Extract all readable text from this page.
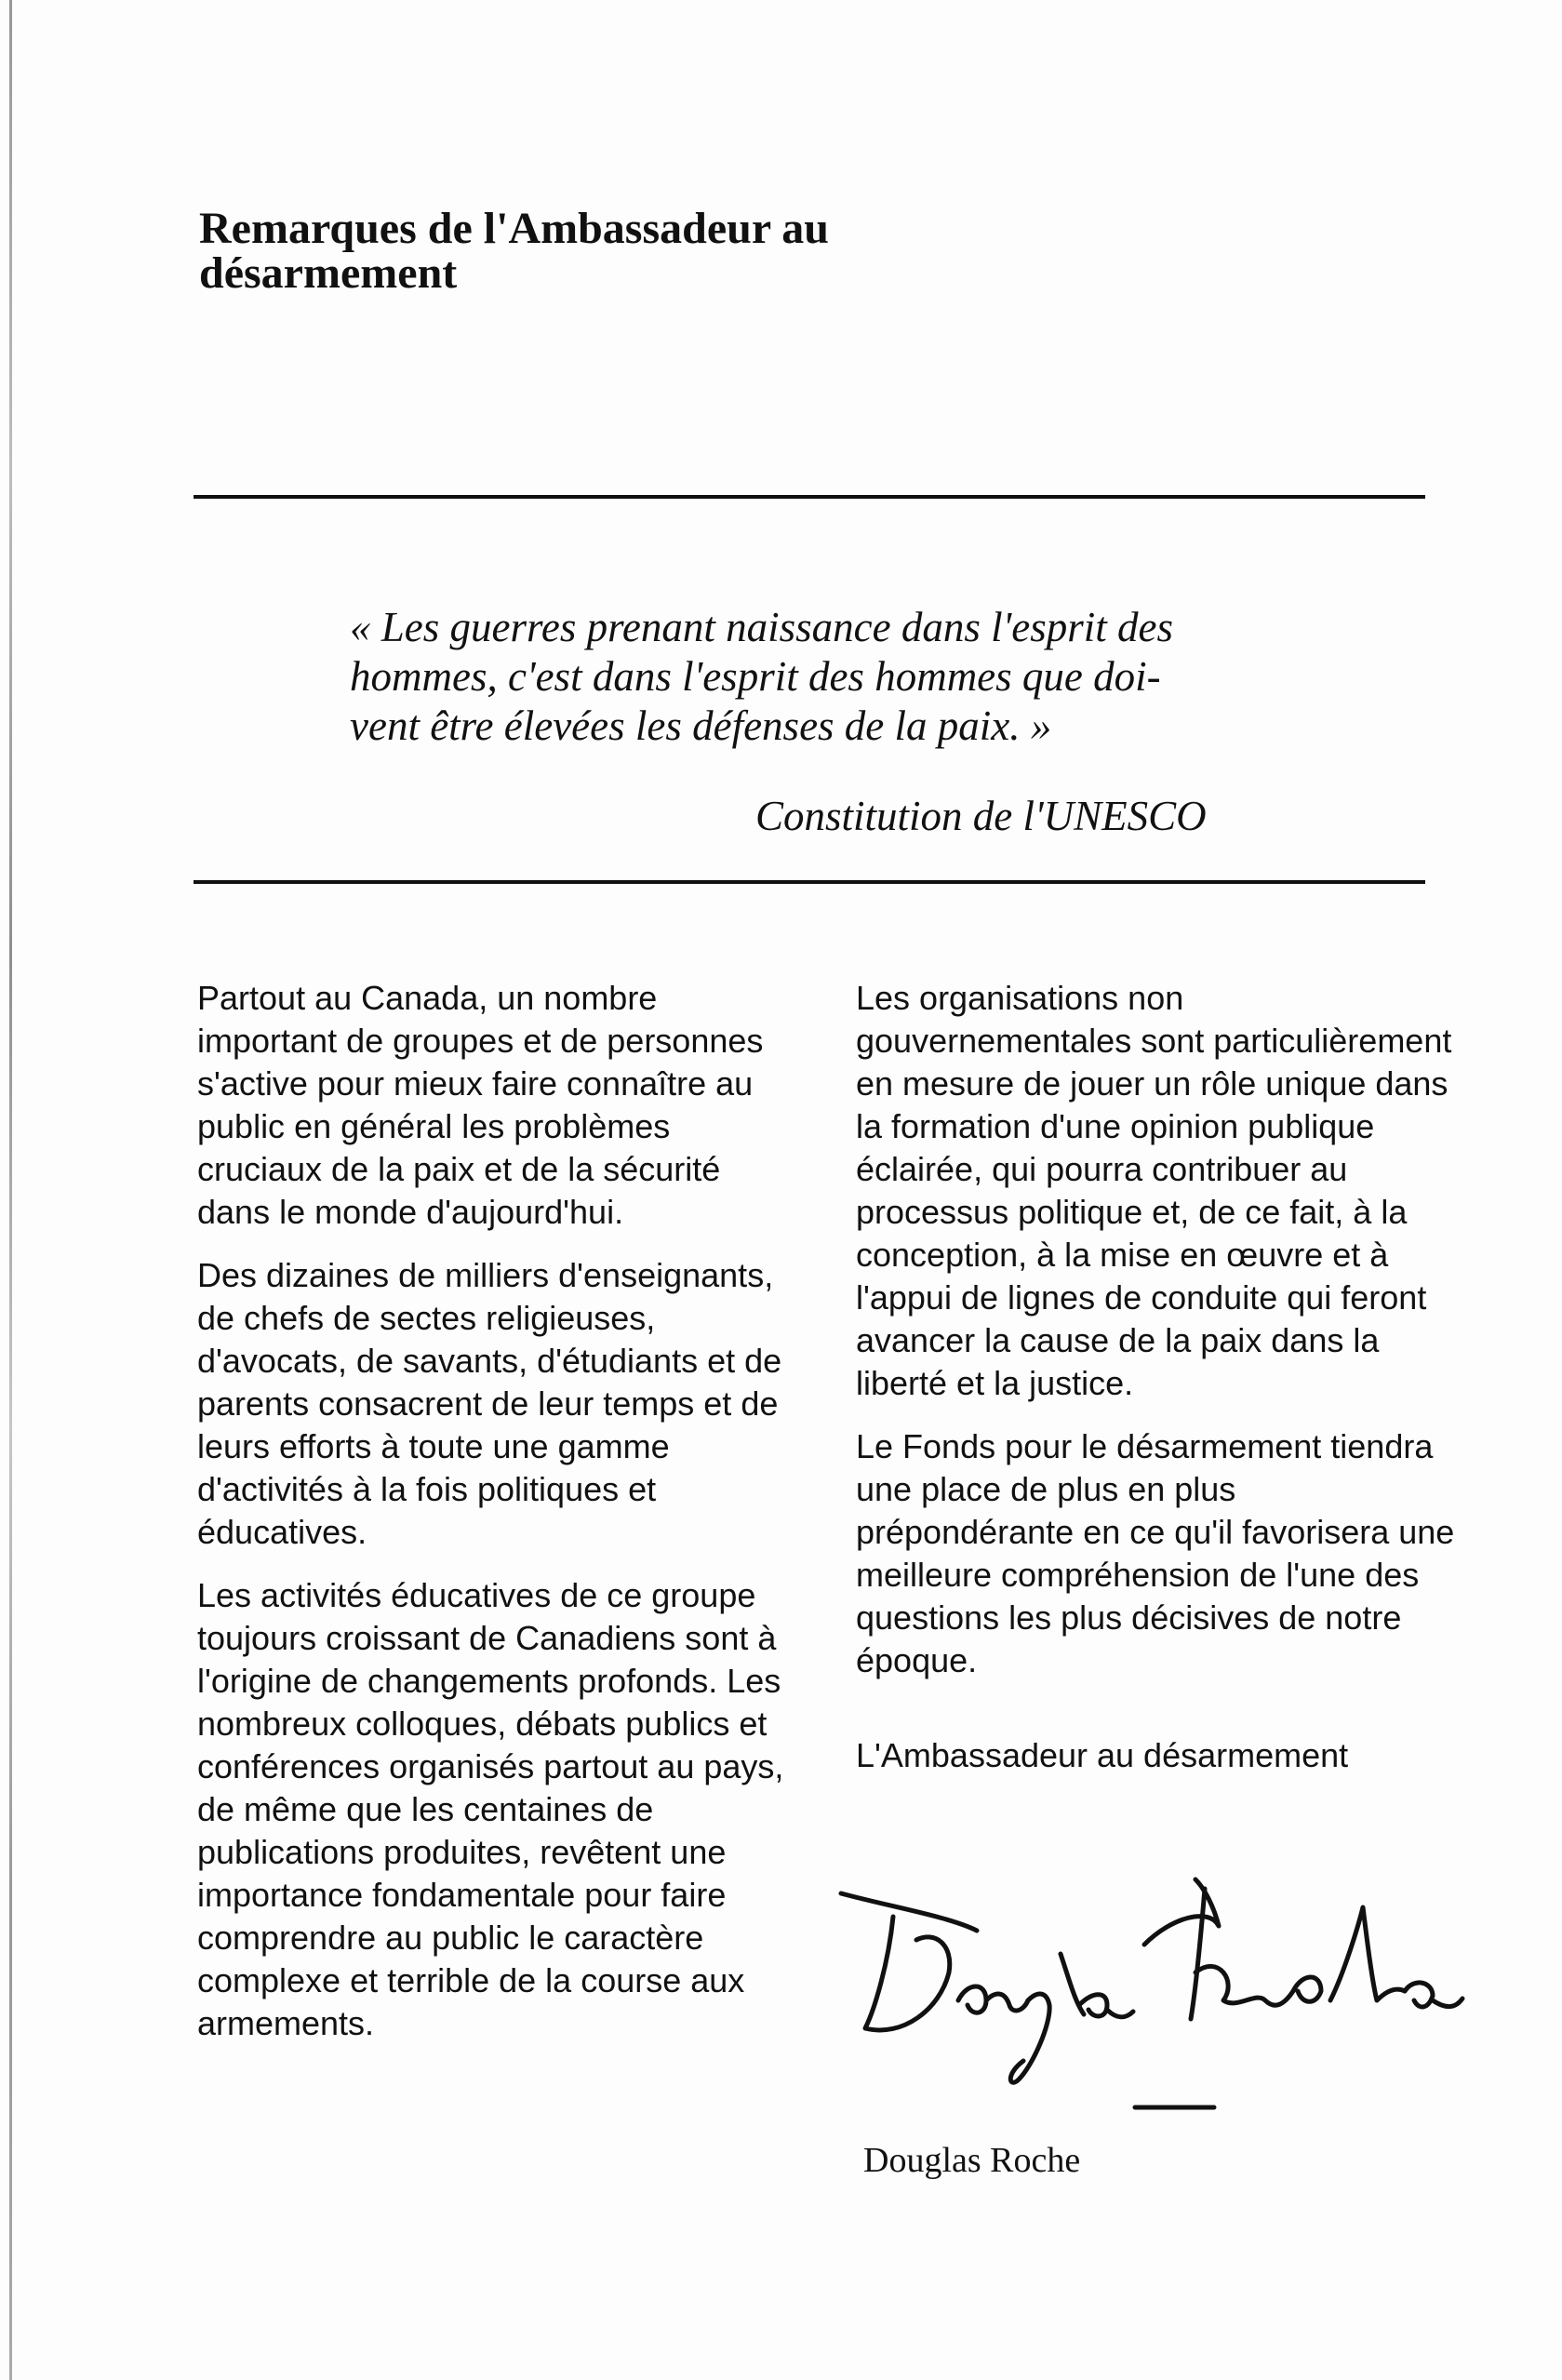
Remarques de l'Ambassadeur au
désarmement
« Les guerres prenant naissance dans l'esprit des
hommes, c'est dans l'esprit des hommes que doi-
vent être élevées les défenses de la paix. »
Constitution de l'UNESCO

Partout au Canada, un nombre important de groupes et de personnes s'active pour mieux faire connaître au public en général les problèmes cruciaux de la paix et de la sécurité dans le monde d'aujourd'hui.

Des dizaines de milliers d'enseignants, de chefs de sectes religieuses, d'avocats, de savants, d'étudiants et de parents consacrent de leur temps et de leurs efforts à toute une gamme d'activités à la fois politiques et éducatives.

Les activités éducatives de ce groupe toujours croissant de Canadiens sont à l'origine de changements profonds. Les nombreux colloques, débats publics et conférences organisés partout au pays, de même que les centaines de publications produites, revêtent une importance fondamentale pour faire comprendre au public le caractère complexe et terrible de la course aux armements.

Les organisations non gouvernementales sont particulièrement en mesure de jouer un rôle unique dans la formation d'une opinion publique éclairée, qui pourra contribuer au processus politique et, de ce fait, à la conception, à la mise en œuvre et à l'appui de lignes de conduite qui feront avancer la cause de la paix dans la liberté et la justice.

Le Fonds pour le désarmement tiendra une place de plus en plus prépondérante en ce qu'il favorisera une meilleure compréhension de l'une des questions les plus décisives de notre époque.

L'Ambassadeur au désarmement

Douglas Roche
